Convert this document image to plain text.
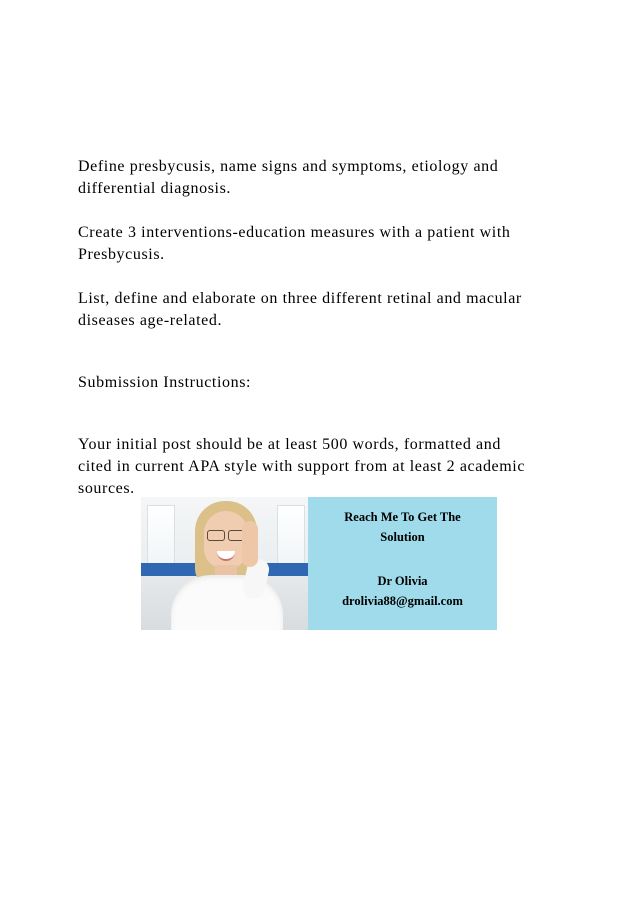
Define presbycusis, name signs and symptoms, etiology and
differential diagnosis.

Create 3 interventions-education measures with a patient with
Presbycusis.

List, define and elaborate on three different retinal and macular
diseases age-related.

Submission Instructions:

Your initial post should be at least 500 words, formatted and
cited in current APA style with support from at least 2 academic
sources.

Reach Me To Get The
Solution
Dr Olivia
drolivia88@gmail.com
